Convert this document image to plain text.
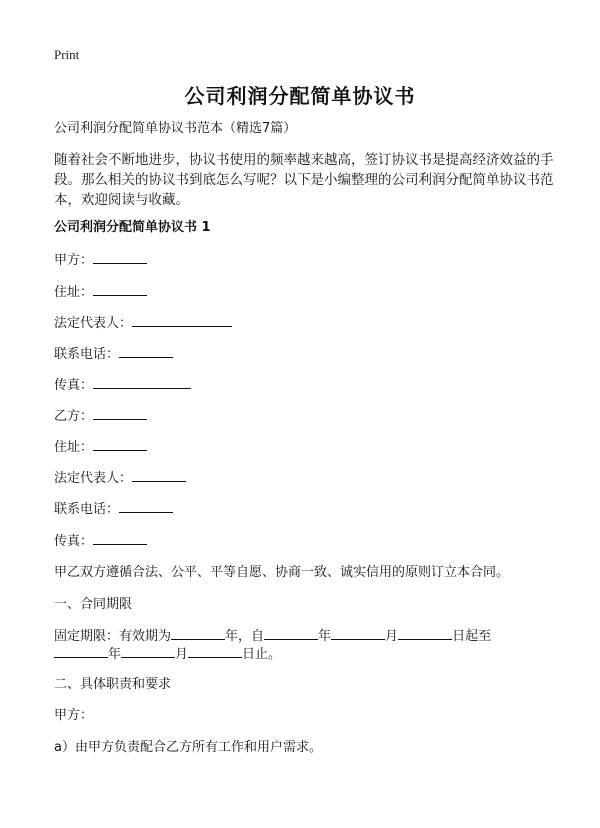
Print
公司利润分配简单协议书
公司利润分配简单协议书范本（精选7篇）
随着社会不断地进步，协议书使用的频率越来越高，签订协议书是提高经济效益的手段。那么相关的协议书到底怎么写呢？以下是小编整理的公司利润分配简单协议书范本，欢迎阅读与收藏。
公司利润分配简单协议书 1
甲方：
住址：
法定代表人：
联系电话：
传真：
乙方：
住址：
法定代表人：
联系电话：
传真：
甲乙双方遵循合法、公平、平等自愿、协商一致、诚实信用的原则订立本合同。
一、合同期限
固定期限：有效期为	年，自	年	月	日起至
年	月	日止。
二、具体职责和要求
甲方：
a）由甲方负责配合乙方所有工作和用户需求。
